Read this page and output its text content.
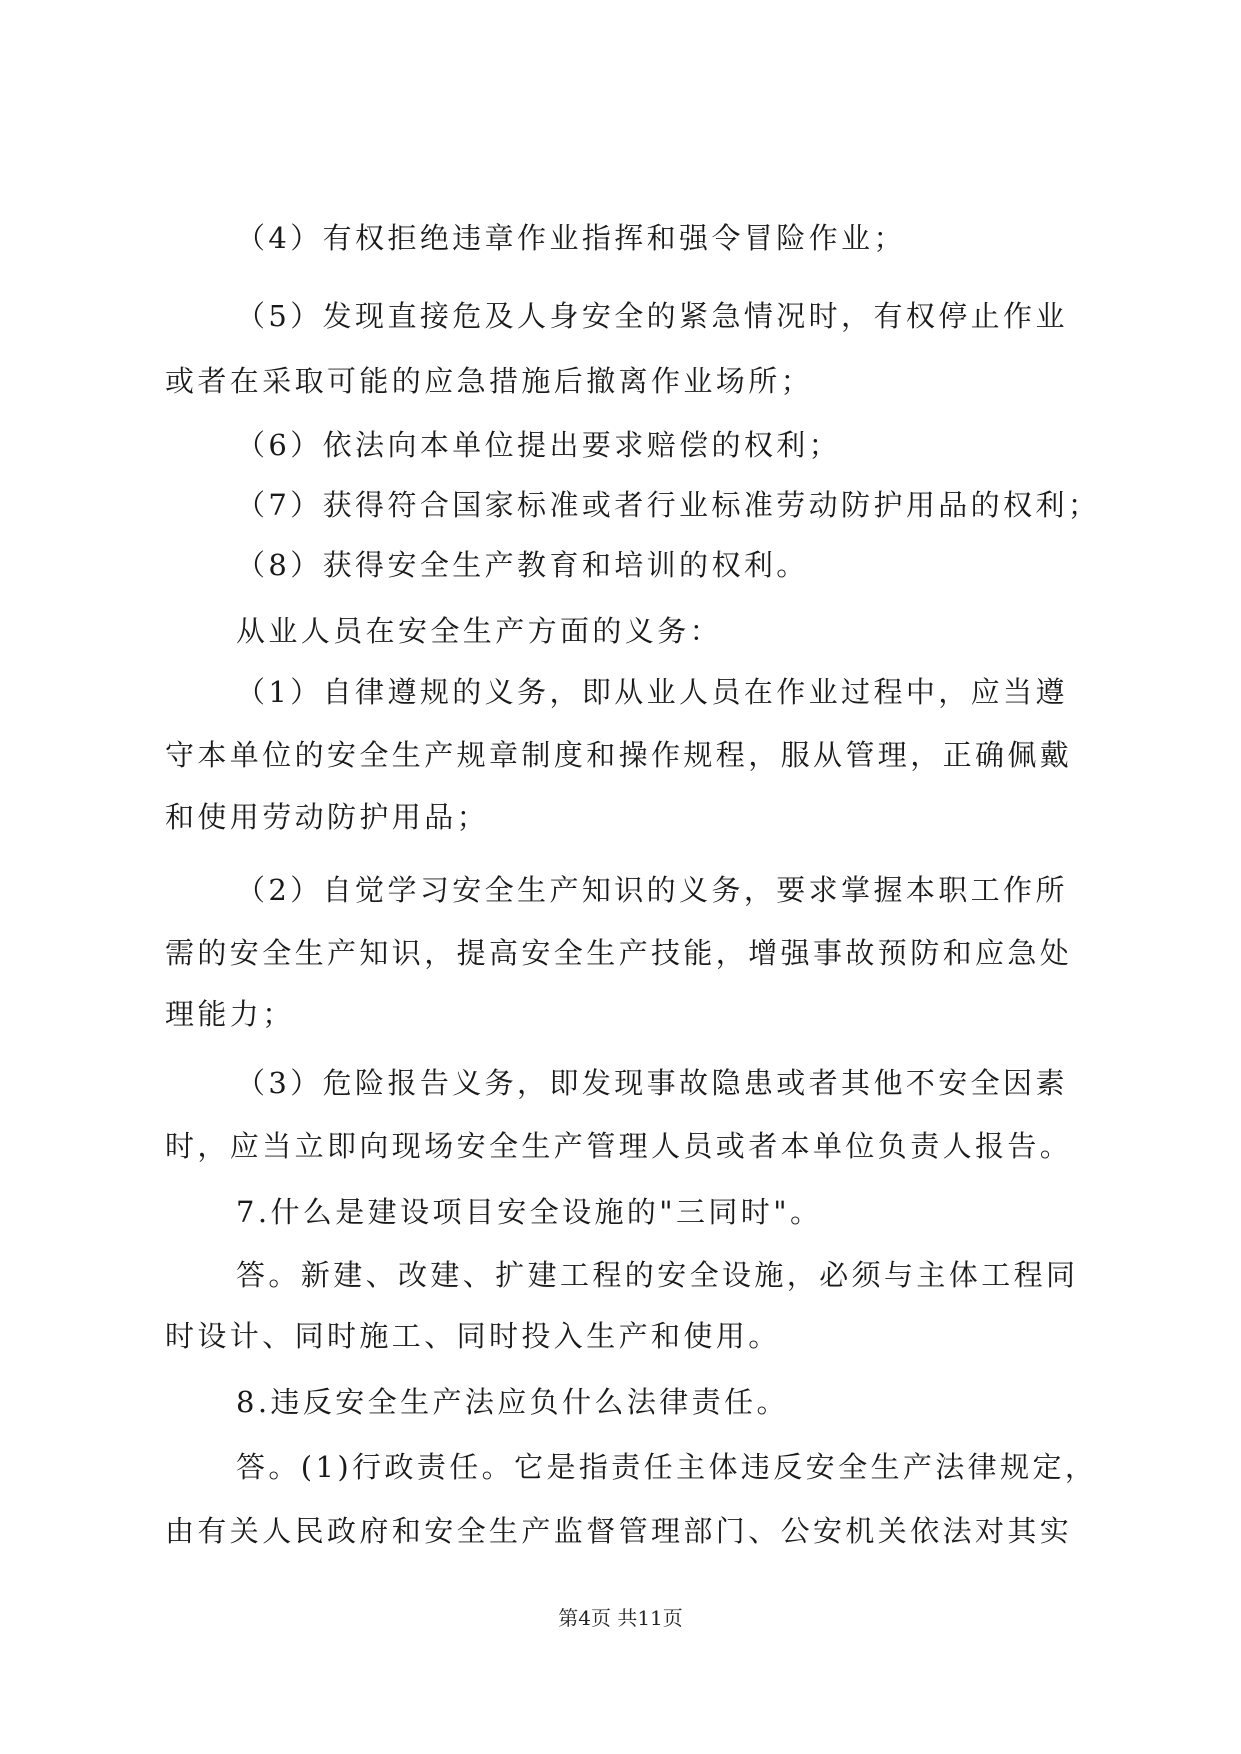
（4）有权拒绝违章作业指挥和强令冒险作业；
（5）发现直接危及人身安全的紧急情况时，有权停止作业
或者在采取可能的应急措施后撤离作业场所；
（6）依法向本单位提出要求赔偿的权利；
（7）获得符合国家标准或者行业标准劳动防护用品的权利；
（8）获得安全生产教育和培训的权利。
从业人员在安全生产方面的义务：
（1）自律遵规的义务，即从业人员在作业过程中，应当遵
守本单位的安全生产规章制度和操作规程，服从管理，正确佩戴
和使用劳动防护用品；
（2）自觉学习安全生产知识的义务，要求掌握本职工作所
需的安全生产知识，提高安全生产技能，增强事故预防和应急处
理能力；
（3）危险报告义务，即发现事故隐患或者其他不安全因素
时，应当立即向现场安全生产管理人员或者本单位负责人报告。
7.什么是建设项目安全设施的"三同时"。
答。新建、改建、扩建工程的安全设施，必须与主体工程同
时设计、同时施工、同时投入生产和使用。
8.违反安全生产法应负什么法律责任。
答。(1)行政责任。它是指责任主体违反安全生产法律规定，
由有关人民政府和安全生产监督管理部门、公安机关依法对其实
第4页 共11页
